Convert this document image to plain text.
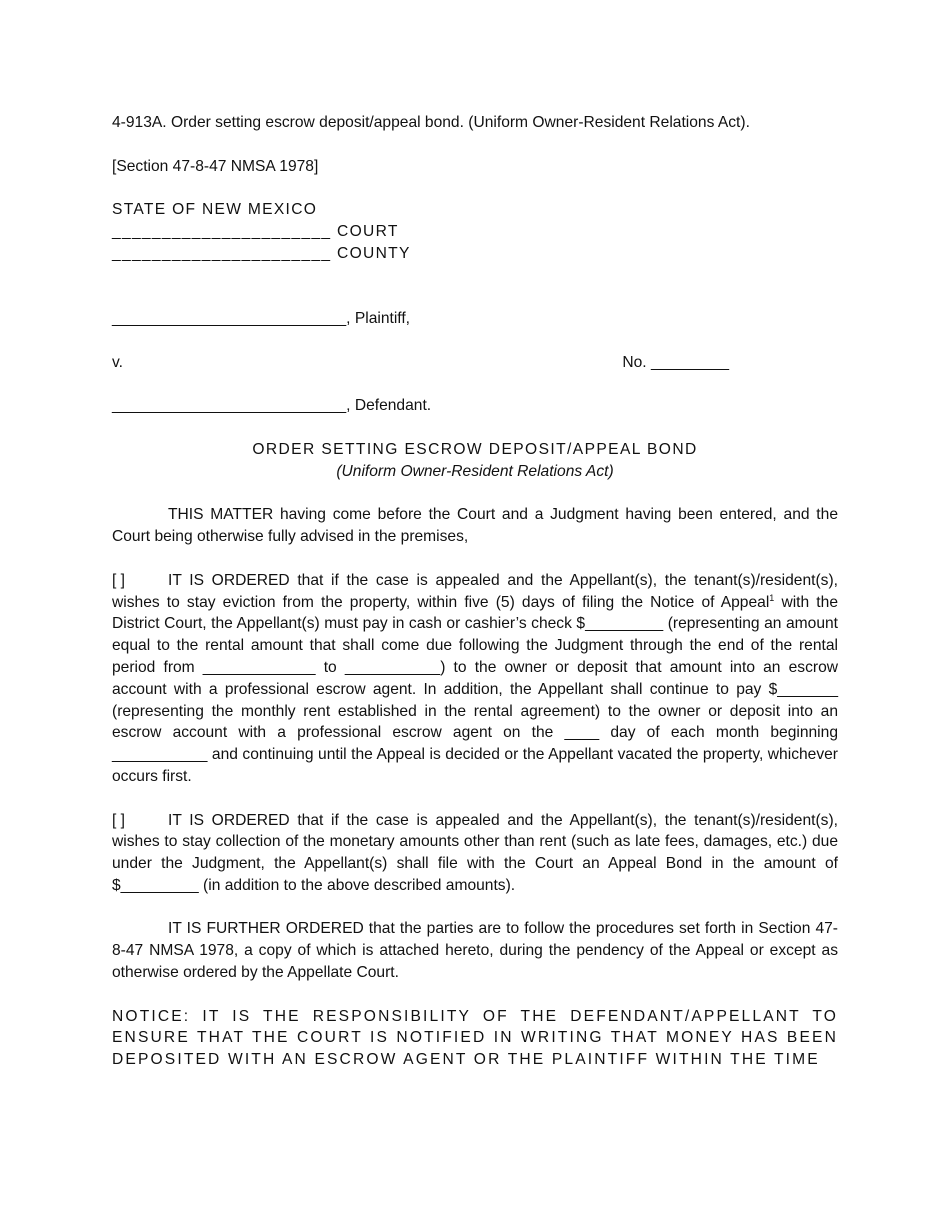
4-913A. Order setting escrow deposit/appeal bond. (Uniform Owner-Resident Relations Act).

[Section 47-8-47 NMSA 1978]

STATE OF NEW MEXICO

______________________ COURT

______________________ COUNTY

___________________________, Plaintiff,

v.	No. _________

___________________________, Defendant.

ORDER SETTING ESCROW DEPOSIT/APPEAL BOND

(Uniform Owner-Resident Relations Act)

THIS MATTER having come before the Court and a Judgment having been entered, and the Court being otherwise fully advised in the premises,

[ ]	IT IS ORDERED that if the case is appealed and the Appellant(s), the tenant(s)/resident(s), wishes to stay eviction from the property, within five (5) days of filing the Notice of Appeal$^1$ with the District Court, the Appellant(s) must pay in cash or cashier’s check $_________ (representing an amount equal to the rental amount that shall come due following the Judgment through the end of the rental period from _____________ to ___________) to the owner or deposit that amount into an escrow account with a professional escrow agent. In addition, the Appellant shall continue to pay $_______ (representing the monthly rent established in the rental agreement) to the owner or deposit into an escrow account with a professional escrow agent on the ____ day of each month beginning ___________ and continuing until the Appeal is decided or the Appellant vacated the property, whichever occurs first.

[ ]	IT IS ORDERED that if the case is appealed and the Appellant(s), the tenant(s)/resident(s), wishes to stay collection of the monetary amounts other than rent (such as late fees, damages, etc.) due under the Judgment, the Appellant(s) shall file with the Court an Appeal Bond in the amount of $_________ (in addition to the above described amounts).

IT IS FURTHER ORDERED that the parties are to follow the procedures set forth in Section 47-8-47 NMSA 1978, a copy of which is attached hereto, during the pendency of the Appeal or except as otherwise ordered by the Appellate Court.

NOTICE: IT IS THE RESPONSIBILITY OF THE DEFENDANT/APPELLANT TO ENSURE THAT THE COURT IS NOTIFIED IN WRITING THAT MONEY HAS BEEN DEPOSITED WITH AN ESCROW AGENT OR THE PLAINTIFF WITHIN THE TIME
